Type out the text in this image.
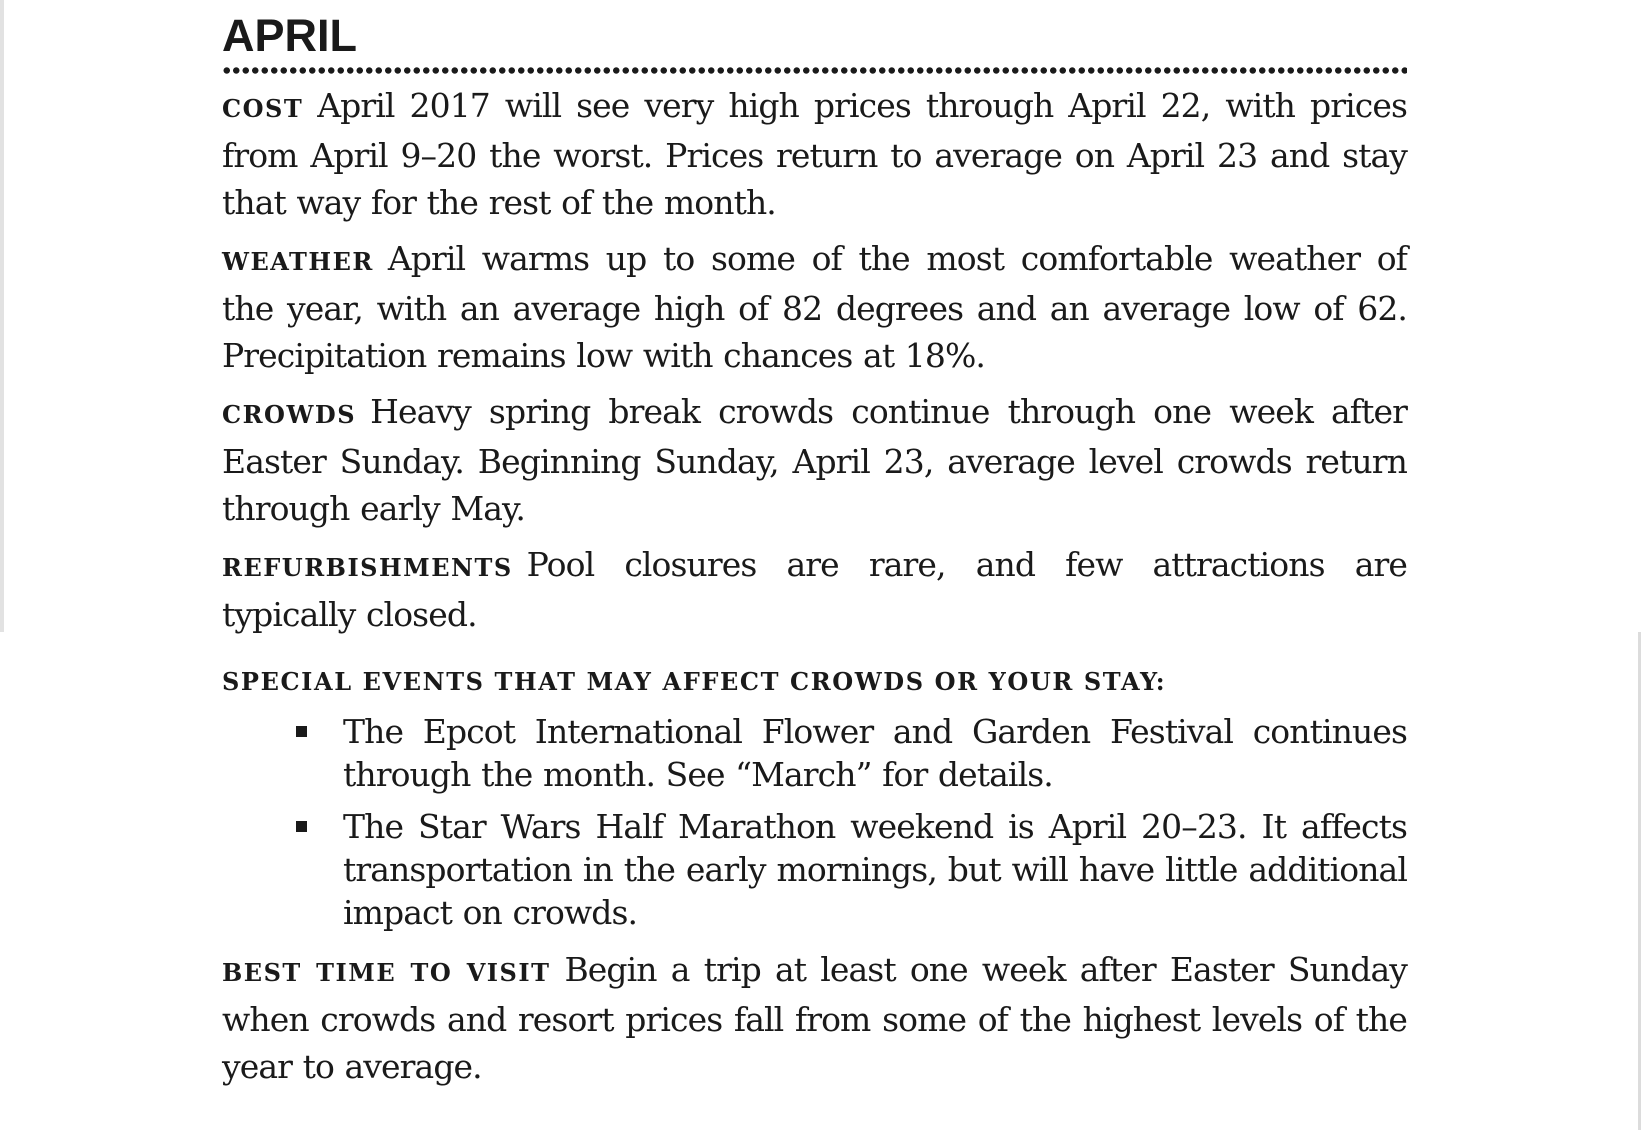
APRIL

COST April 2017 will see very high prices through April 22, with prices from April 9–20 the worst. Prices return to average on April 23 and stay that way for the rest of the month.

WEATHER April warms up to some of the most comfortable weather of the year, with an average high of 82 degrees and an average low of 62. Precipitation remains low with chances at 18%.

CROWDS Heavy spring break crowds continue through one week after Easter Sunday. Beginning Sunday, April 23, average level crowds return through early May.

REFURBISHMENTS Pool closures are rare, and few attractions are typically closed.

SPECIAL EVENTS THAT MAY AFFECT CROWDS OR YOUR STAY:
The Epcot International Flower and Garden Festival continues through the month. See “March” for details.
The Star Wars Half Marathon weekend is April 20–23. It affects transportation in the early mornings, but will have little additional impact on crowds.

BEST TIME TO VISIT Begin a trip at least one week after Easter Sunday when crowds and resort prices fall from some of the highest levels of the year to average.
